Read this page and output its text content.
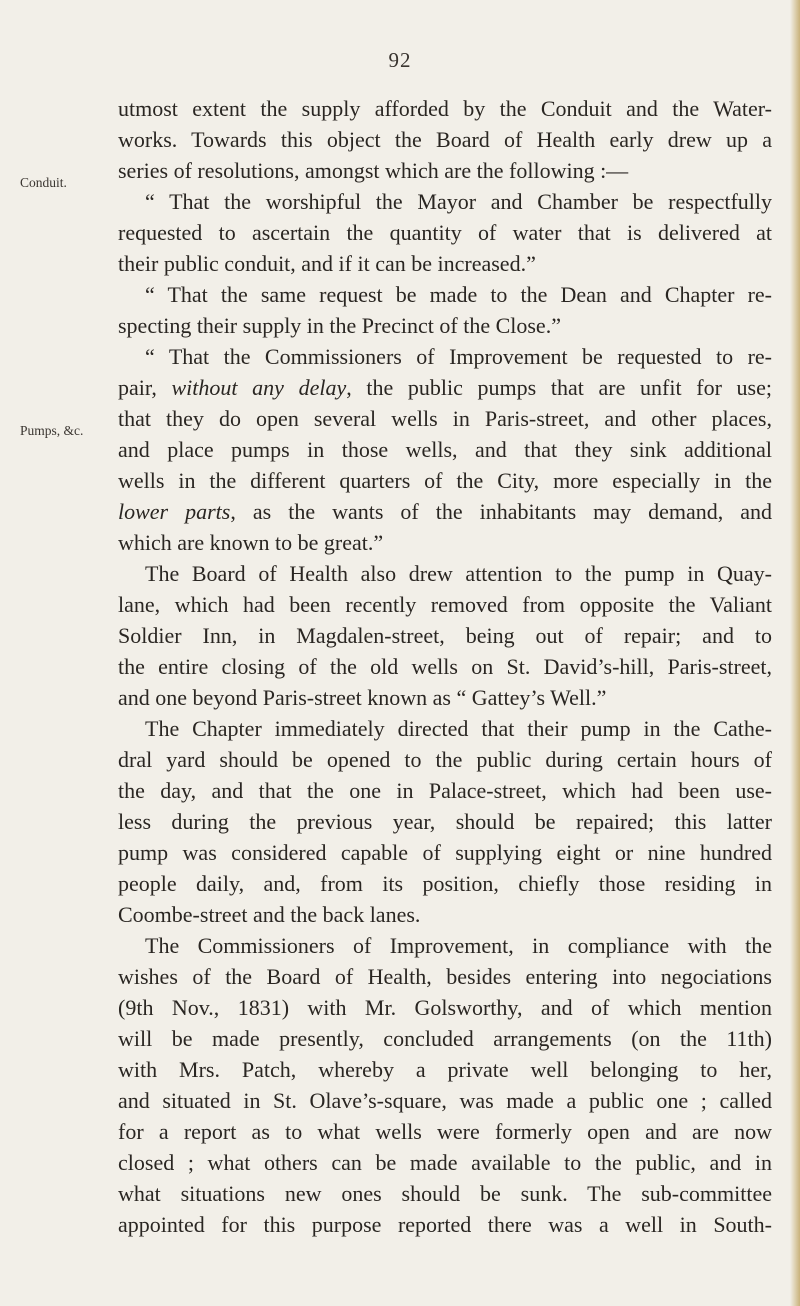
92
Conduit.
Pumps, &c.
utmost extent the supply afforded by the Conduit and the Water-
works. Towards this object the Board of Health early drew up a
series of resolutions, amongst which are the following :—
“ That the worshipful the Mayor and Chamber be respectfully
requested to ascertain the quantity of water that is delivered at
their public conduit, and if it can be increased.”
“ That the same request be made to the Dean and Chapter re-
specting their supply in the Precinct of the Close.”
“ That the Commissioners of Improvement be requested to re-
pair, without any delay, the public pumps that are unfit for use;
that they do open several wells in Paris-street, and other places,
and place pumps in those wells, and that they sink additional
wells in the different quarters of the City, more especially in the
lower parts, as the wants of the inhabitants may demand, and
which are known to be great.”
The Board of Health also drew attention to the pump in Quay-
lane, which had been recently removed from opposite the Valiant
Soldier Inn, in Magdalen-street, being out of repair; and to
the entire closing of the old wells on St. David’s-hill, Paris-street,
and one beyond Paris-street known as “ Gattey’s Well.”
The Chapter immediately directed that their pump in the Cathe-
dral yard should be opened to the public during certain hours of
the day, and that the one in Palace-street, which had been use-
less during the previous year, should be repaired; this latter
pump was considered capable of supplying eight or nine hundred
people daily, and, from its position, chiefly those residing in
Coombe-street and the back lanes.
The Commissioners of Improvement, in compliance with the
wishes of the Board of Health, besides entering into negociations
(9th Nov., 1831) with Mr. Golsworthy, and of which mention
will be made presently, concluded arrangements (on the 11th)
with Mrs. Patch, whereby a private well belonging to her,
and situated in St. Olave’s-square, was made a public one ; called
for a report as to what wells were formerly open and are now
closed ; what others can be made available to the public, and in
what situations new ones should be sunk. The sub-committee
appointed for this purpose reported there was a well in South-
